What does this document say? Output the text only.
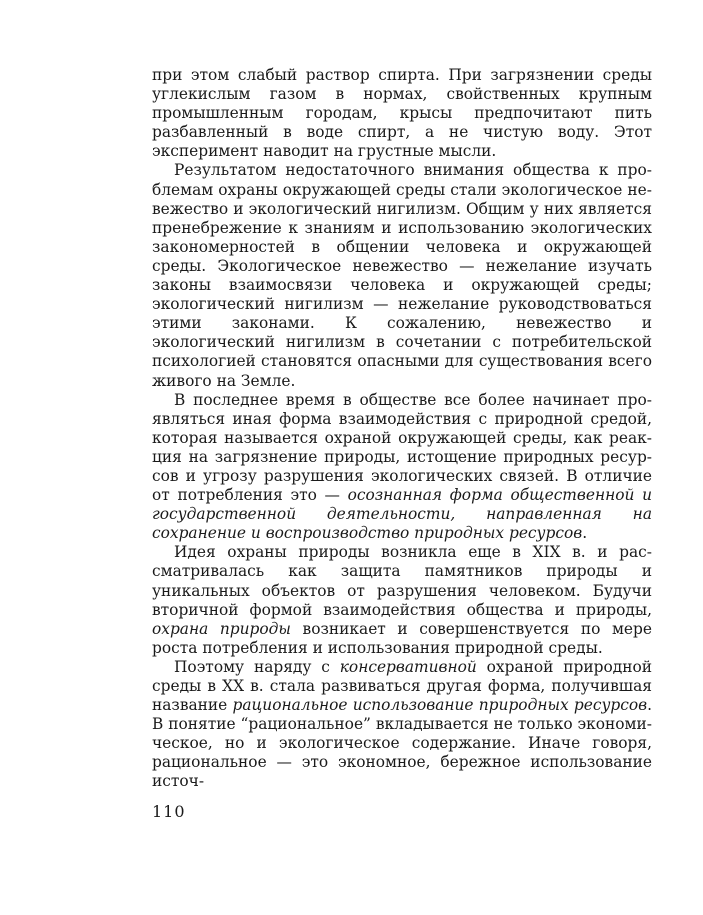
при этом слабый раствор спирта. При загрязнении среды углекислым газом в нормах, свойственных крупным промышленным городам, крысы предпочитают пить разбавленный в воде спирт, а не чистую воду. Этот эксперимент наводит на грустные мысли.

Результатом недостаточного внимания общества к проблемам охраны окружающей среды стали экологическое невежество и экологический нигилизм. Общим у них является пренебрежение к знаниям и использованию экологических закономерностей в общении человека и окружающей среды. Экологическое невежество — нежелание изучать законы взаимосвязи человека и окружающей среды; экологический нигилизм — нежелание руководствоваться этими законами. К сожалению, невежество и экологический нигилизм в сочетании с потребительской психологией становятся опасными для существования всего живого на Земле.

В последнее время в обществе все более начинает проявляться иная форма взаимодействия с природной средой, которая называется охраной окружающей среды, как реакция на загрязнение природы, истощение природных ресурсов и угрозу разрушения экологических связей. В отличие от потребления это — осознанная форма общественной и государственной деятельности, направленная на сохранение и воспроизводство природных ресурсов.

Идея охраны природы возникла еще в XIX в. и рассматривалась как защита памятников природы и уникальных объектов от разрушения человеком. Будучи вторичной формой взаимодействия общества и природы, охрана природы возникает и совершенствуется по мере роста потребления и использования природной среды.

Поэтому наряду с консервативной охраной природной среды в XX в. стала развиваться другая форма, получившая название рациональное использование природных ресурсов. В понятие “рациональное” вкладывается не только экономическое, но и экологическое содержание. Иначе говоря, рациональное — это экономное, бережное использование источ-

110
